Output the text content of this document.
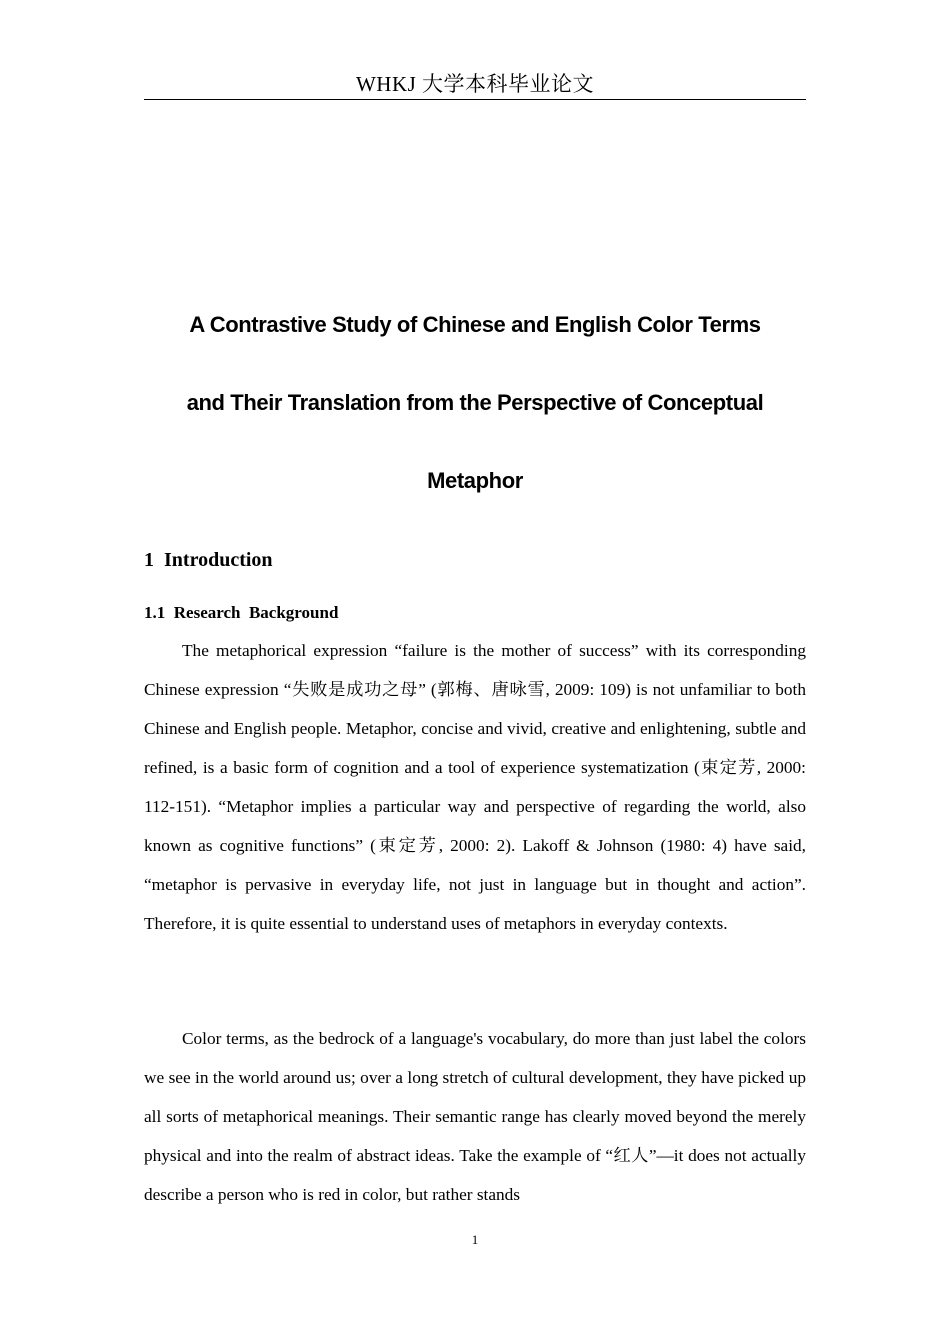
WHKJ 大学本科毕业论文
A Contrastive Study of Chinese and English Color Terms
and Their Translation from the Perspective of Conceptual
Metaphor
1  Introduction
1.1  Research  Background

The metaphorical expression “failure is the mother of success” with its corresponding Chinese expression “失败是成功之母” (郭梅、唐咏雪, 2009: 109) is not unfamiliar to both Chinese and English people. Metaphor, concise and vivid, creative and enlightening, subtle and refined, is a basic form of cognition and a tool of experience systematization (束定芳, 2000: 112-151). “Metaphor implies a particular way and perspective of regarding the world, also known as cognitive functions” (束定芳, 2000: 2). Lakoff & Johnson (1980: 4) have said, “metaphor is pervasive in everyday life, not just in language but in thought and action”. Therefore, it is quite essential to understand uses of metaphors in everyday contexts.

Color terms, as the bedrock of a language's vocabulary, do more than just label the colors we see in the world around us; over a long stretch of cultural development, they have picked up all sorts of metaphorical meanings. Their semantic range has clearly moved beyond the merely physical and into the realm of abstract ideas. Take the example of “红人”—it does not actually describe a person who is red in color, but rather stands

1
